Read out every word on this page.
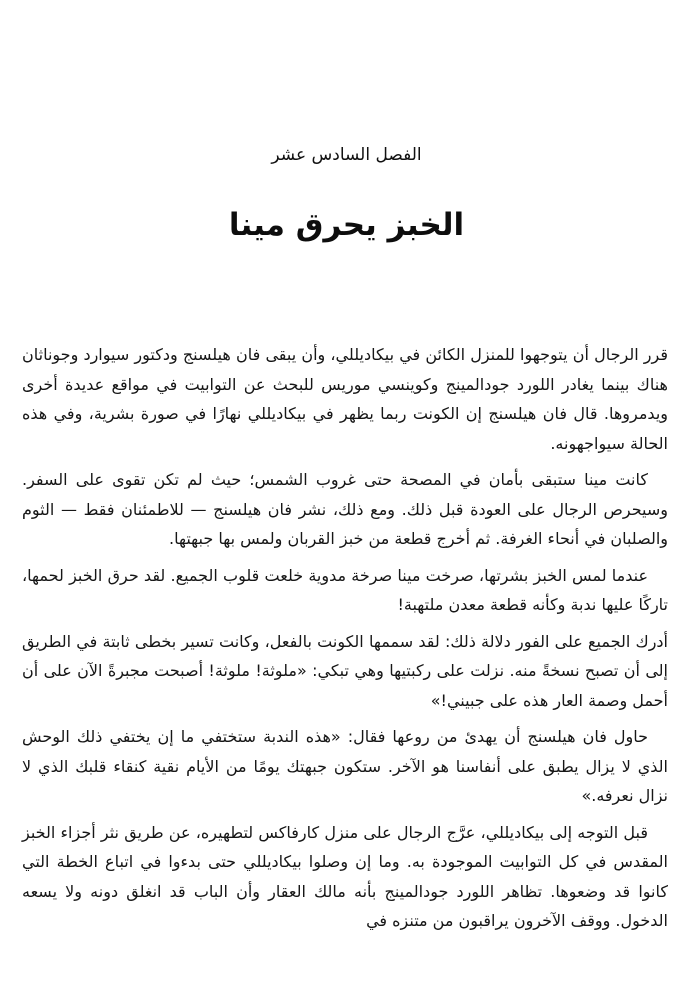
الفصل السادس عشر
الخبز يحرق مينا

قرر الرجال أن يتوجهوا للمنزل الكائن في بيكاديللي، وأن يبقى فان هيلسنج ودكتور سيوارد وجوناثان هناك بينما يغادر اللورد جودالمينج وكوينسي موريس للبحث عن التوابيت في مواقع عديدة أخرى ويدمروها. قال فان هيلسنج إن الكونت ربما يظهر في بيكاديللي نهارًا في صورة بشرية، وفي هذه الحالة سيواجهونه.

كانت مينا ستبقى بأمان في المصحة حتى غروب الشمس؛ حيث لم تكن تقوى على السفر. وسيحرص الرجال على العودة قبل ذلك. ومع ذلك، نشر فان هيلسنج — للاطمئنان فقط — الثوم والصلبان في أنحاء الغرفة. ثم أخرج قطعة من خبز القربان ولمس بها جبهتها.

عندما لمس الخبز بشرتها، صرخت مينا صرخة مدوية خلعت قلوب الجميع. لقد حرق الخبز لحمها، تاركًا عليها ندبة وكأنه قطعة معدن ملتهبة!

أدرك الجميع على الفور دلالة ذلك: لقد سممها الكونت بالفعل، وكانت تسير بخطى ثابتة في الطريق إلى أن تصبح نسخةً منه. نزلت على ركبتيها وهي تبكي: «ملوثة! ملوثة! أصبحت مجبرةً الآن على أن أحمل وصمة العار هذه على جبيني!»

حاول فان هيلسنج أن يهدئ من روعها فقال: «هذه الندبة ستختفي ما إن يختفي ذلك الوحش الذي لا يزال يطبق على أنفاسنا هو الآخر. ستكون جبهتك يومًا من الأيام نقية كنقاء قلبك الذي لا نزال نعرفه.»

قبل التوجه إلى بيكاديللي، عرَّج الرجال على منزل كارفاكس لتطهيره، عن طريق نثر أجزاء الخبز المقدس في كل التوابيت الموجودة به. وما إن وصلوا بيكاديللي حتى بدءوا في اتباع الخطة التي كانوا قد وضعوها. تظاهر اللورد جودالمينج بأنه مالك العقار وأن الباب قد انغلق دونه ولا يسعه الدخول. ووقف الآخرون يراقبون من متنزه في
